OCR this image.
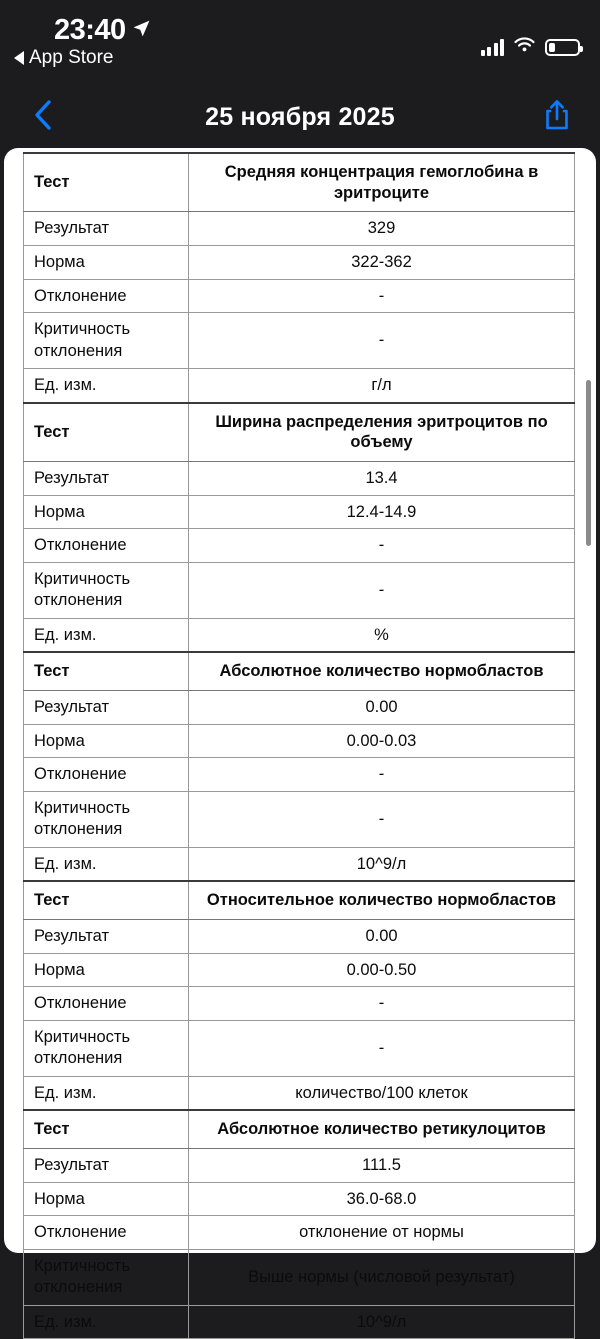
23:40
App Store
25 ноября 2025
Тест	Средняя концентрация гемоглобина в эритроците
Результат	329
Норма	322-362
Отклонение	-
Критичность отклонения	-
Ед. изм.	г/л
Тест	Ширина распределения эритроцитов по объему
Результат	13.4
Норма	12.4-14.9
Отклонение	-
Критичность отклонения	-
Ед. изм.	%
Тест	Абсолютное количество нормобластов
Результат	0.00
Норма	0.00-0.03
Отклонение	-
Критичность отклонения	-
Ед. изм.	10^9/л
Тест	Относительное количество нормобластов
Результат	0.00
Норма	0.00-0.50
Отклонение	-
Критичность отклонения	-
Ед. изм.	количество/100 клеток
Тест	Абсолютное количество ретикулоцитов
Результат	111.5
Норма	36.0-68.0
Отклонение	отклонение от нормы
Критичность отклонения	Выше нормы (числовой результат)
Ед. изм.	10^9/л
